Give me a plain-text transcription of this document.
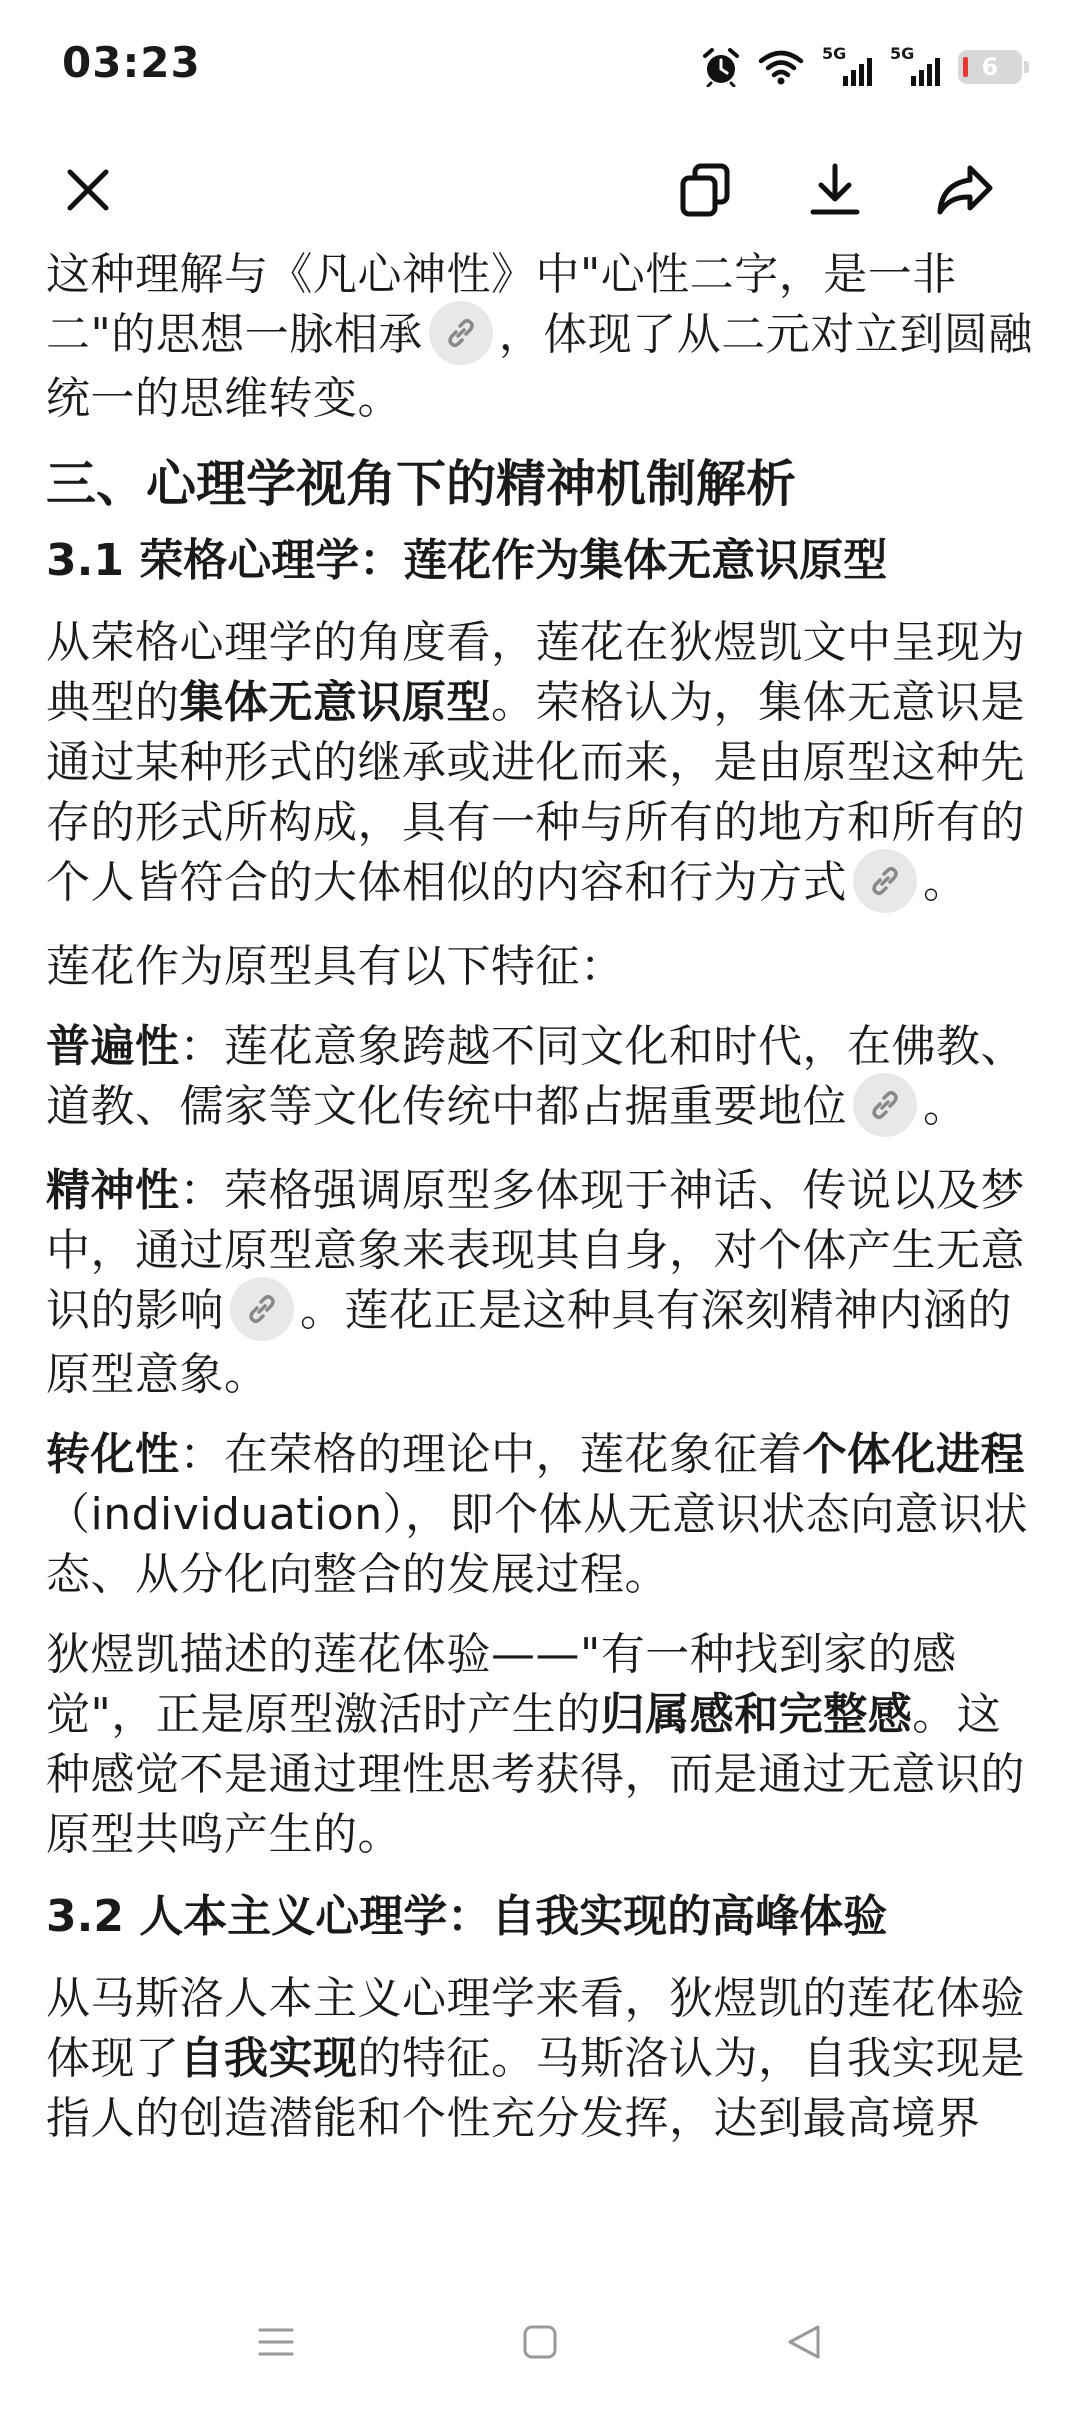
03:23	5G	5G	6

这种理解与《凡心神性》中"心性二字，是一非二"的思想一脉相承 ，体现了从二元对立到圆融统一的思维转变。

三、心理学视角下的精神机制解析
3.1 荣格心理学：莲花作为集体无意识原型

从荣格心理学的角度看，莲花在狄煜凯文中呈现为典型的集体无意识原型。荣格认为，集体无意识是通过某种形式的继承或进化而来，是由原型这种先存的形式所构成，具有一种与所有的地方和所有的个人皆符合的大体相似的内容和行为方式 。

莲花作为原型具有以下特征：

普遍性：莲花意象跨越不同文化和时代，在佛教、道教、儒家等文化传统中都占据重要地位 。

精神性：荣格强调原型多体现于神话、传说以及梦中，通过原型意象来表现其自身，对个体产生无意识的影响 。莲花正是这种具有深刻精神内涵的原型意象。

转化性：在荣格的理论中，莲花象征着个体化进程（individuation），即个体从无意识状态向意识状态、从分化向整合的发展过程。

狄煜凯描述的莲花体验——"有一种找到家的感觉"，正是原型激活时产生的归属感和完整感。这种感觉不是通过理性思考获得，而是通过无意识的原型共鸣产生的。

3.2 人本主义心理学：自我实现的高峰体验

从马斯洛人本主义心理学来看，狄煜凯的莲花体验体现了自我实现的特征。马斯洛认为，自我实现是指人的创造潜能和个性充分发挥，达到最高境界
